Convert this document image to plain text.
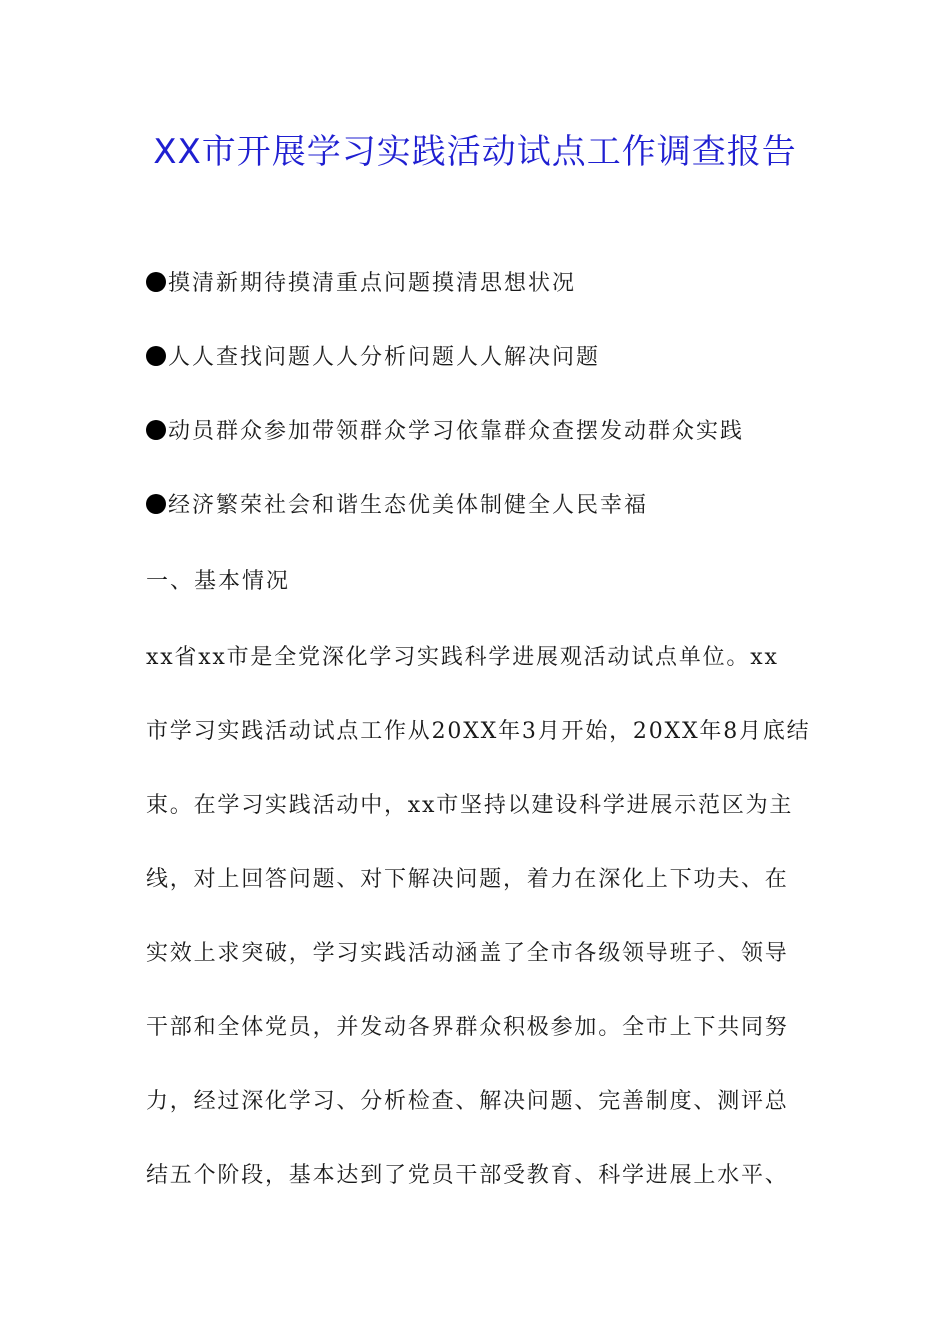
XX市开展学习实践活动试点工作调查报告
摸清新期待摸清重点问题摸清思想状况
人人查找问题人人分析问题人人解决问题
动员群众参加带领群众学习依靠群众查摆发动群众实践
经济繁荣社会和谐生态优美体制健全人民幸福
一、基本情况
xx省xx市是全党深化学习实践科学进展观活动试点单位。xx
市学习实践活动试点工作从20XX年3月开始，20XX年8月底结
束。在学习实践活动中，xx市坚持以建设科学进展示范区为主
线，对上回答问题、对下解决问题，着力在深化上下功夫、在
实效上求突破，学习实践活动涵盖了全市各级领导班子、领导
干部和全体党员，并发动各界群众积极参加。全市上下共同努
力，经过深化学习、分析检查、解决问题、完善制度、测评总
结五个阶段，基本达到了党员干部受教育、科学进展上水平、
